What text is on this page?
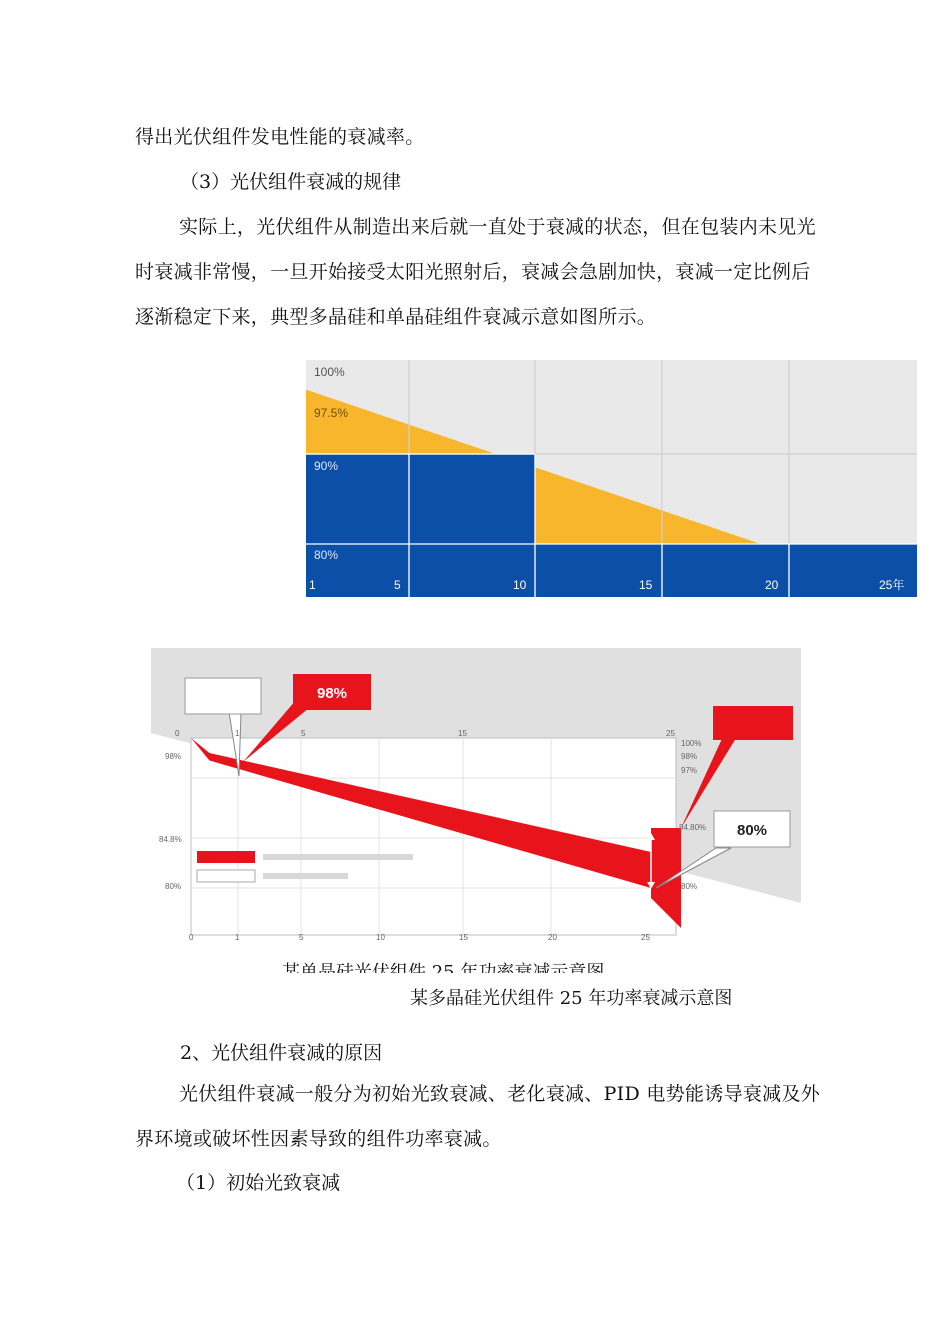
得出光伏组件发电性能的衰减率。

（3）光伏组件衰减的规律

实际上，光伏组件从制造出来后就一直处于衰减的状态，但在包装内未见光时衰减非常慢，一旦开始接受太阳光照射后，衰减会急剧加快，衰减一定比例后逐渐稳定下来，典型多晶硅和单晶硅组件衰减示意如图所示。

100%
97.5%
90%
80%
1	5	10	15	20	25年
98%
80%
0	1	5	15	25
0	1	5	10	15	20	25
98%
84.8%
80%
100%
98%
97%
84.80%
80%

某多晶硅光伏组件 25 年功率衰减示意图

2、光伏组件衰减的原因

光伏组件衰减一般分为初始光致衰减、老化衰减、PID 电势能诱导衰减及外界环境或破坏性因素导致的组件功率衰减。

（1）初始光致衰减
